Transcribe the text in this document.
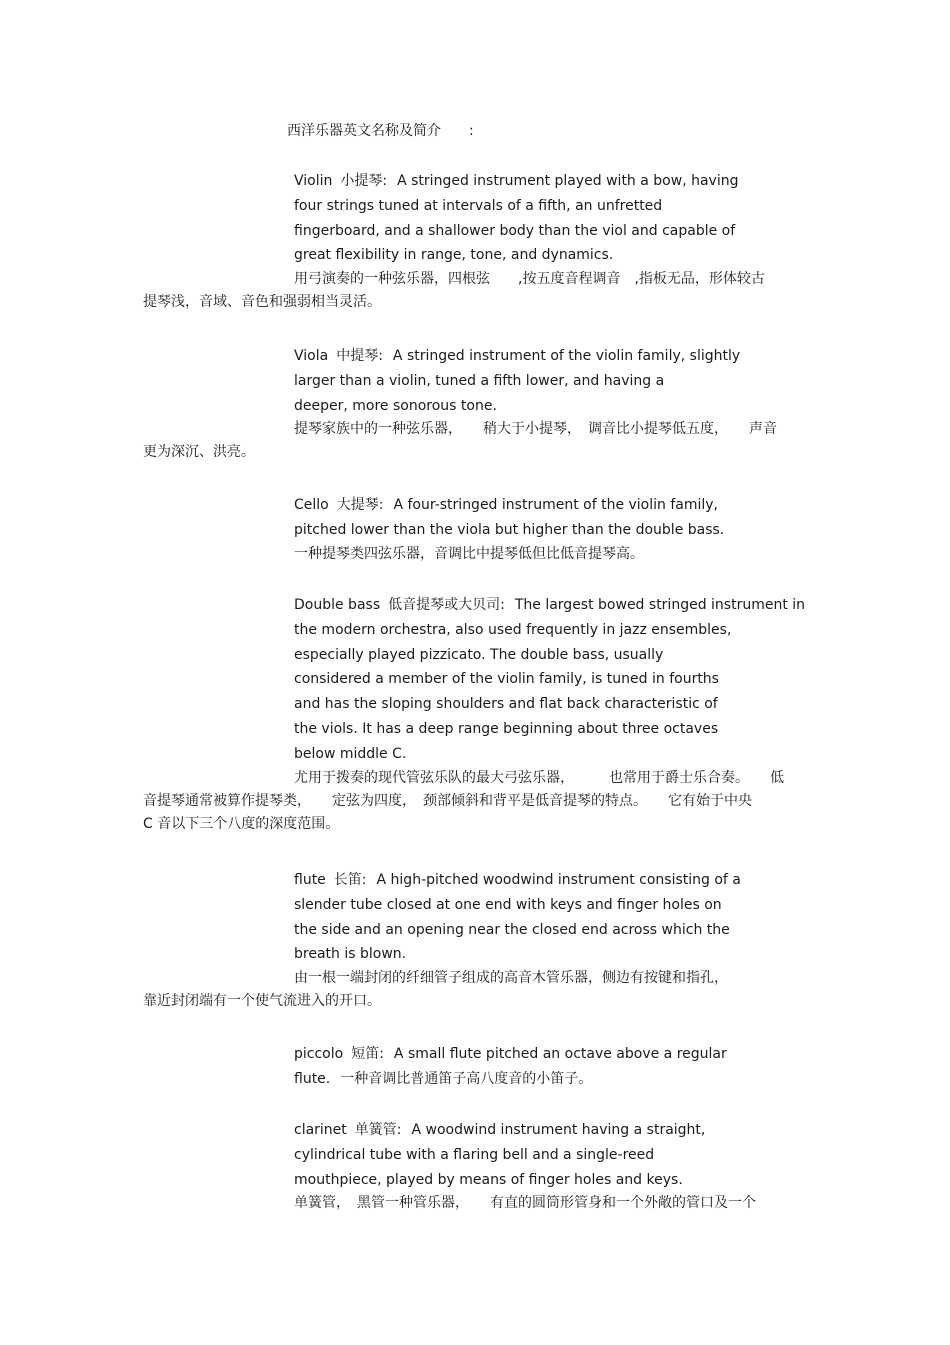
西洋乐器英文名称及简介　　:
Violin 小提琴: A stringed instrument played with a bow, having
four strings tuned at intervals of a fifth, an unfretted
fingerboard, and a shallower body than the viol and capable of
great flexibility in range, tone, and dynamics.

用弓演奏的一种弦乐器，四根弦　　,按五度音程调音　,指板无品，形体较古
提琴浅，音域、音色和强弱相当灵活。

Viola 中提琴: A stringed instrument of the violin family, slightly
larger than a violin, tuned a fifth lower, and having a
deeper, more sonorous tone.

提琴家族中的一种弦乐器，　　稍大于小提琴，　调音比小提琴低五度，　　声音
更为深沉、洪亮。

Cello 大提琴: A four-stringed instrument of the violin family,
pitched lower than the viola but higher than the double bass.

一种提琴类四弦乐器，音调比中提琴低但比低音提琴高。

Double bass 低音提琴或大贝司: The largest bowed stringed instrument in
the modern orchestra, also used frequently in jazz ensembles,
especially played pizzicato. The double bass, usually
considered a member of the violin family, is tuned in fourths
and has the sloping shoulders and flat back characteristic of
the viols. It has a deep range beginning about three octaves
below middle C.

尤用于拨奏的现代管弦乐队的最大弓弦乐器，　　　也常用于爵士乐合奏。　　低
音提琴通常被算作提琴类，　　定弦为四度，　颈部倾斜和背平是低音提琴的特点。　　它有始于中央
C 音以下三个八度的深度范围。

flute 长笛: A high-pitched woodwind instrument consisting of a
slender tube closed at one end with keys and finger holes on
the side and an opening near the closed end across which the
breath is blown.

由一根一端封闭的纤细管子组成的高音木管乐器，侧边有按键和指孔，
靠近封闭端有一个使气流进入的开口。

piccolo 短笛: A small flute pitched an octave above a regular
flute. 一种音调比普通笛子高八度音的小笛子。
clarinet 单簧管: A woodwind instrument having a straight,
cylindrical tube with a flaring bell and a single-reed
mouthpiece, played by means of finger holes and keys.

单簧管，　黑管一种管乐器，　　有直的圆筒形管身和一个外敞的管口及一个
